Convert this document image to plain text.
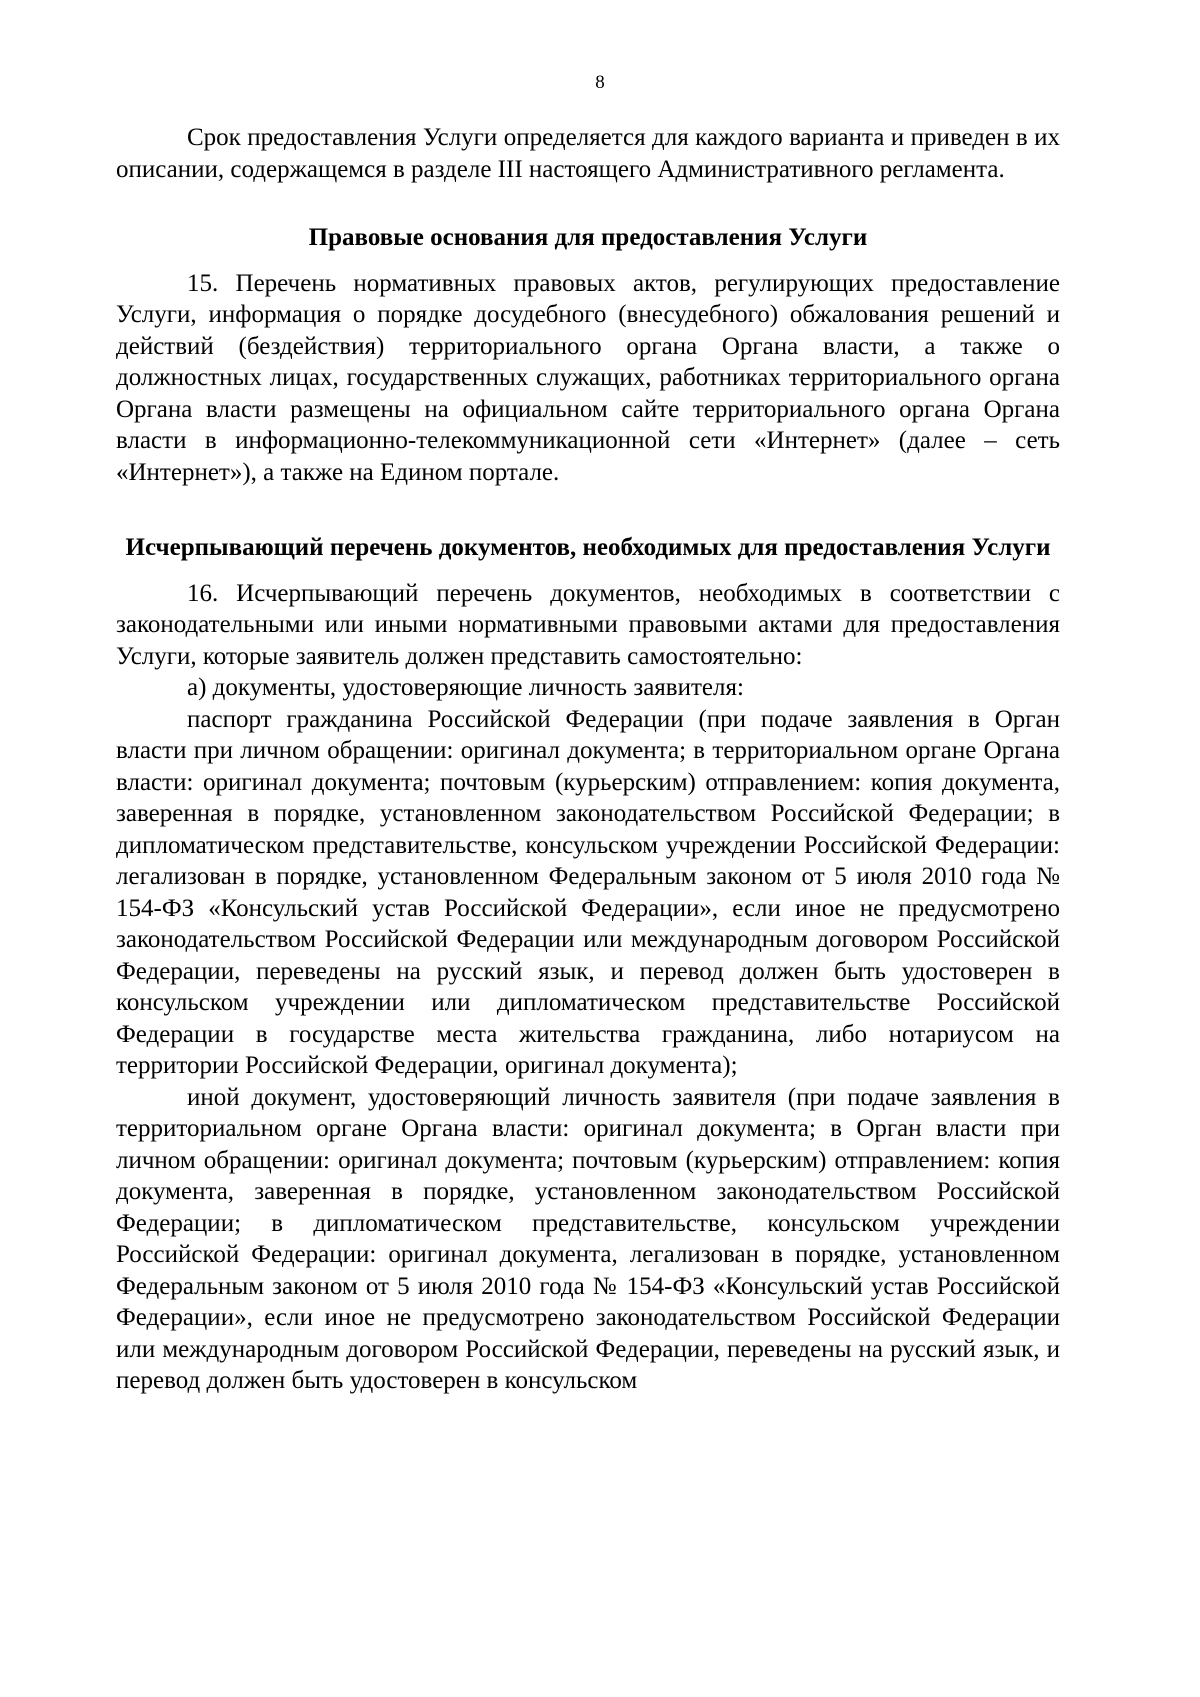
8

Срок предоставления Услуги определяется для каждого варианта и приведен в их описании, содержащемся в разделе III настоящего Административного регламента.

Правовые основания для предоставления Услуги

15. Перечень нормативных правовых актов, регулирующих предоставление Услуги, информация о порядке досудебного (внесудебного) обжалования решений и действий (бездействия) территориального органа Органа власти, а также о должностных лицах, государственных служащих, работниках территориального органа Органа власти размещены на официальном сайте территориального органа Органа власти в информационно-телекоммуникационной сети «Интернет» (далее – сеть «Интернет»), а также на Едином портале.

Исчерпывающий перечень документов, необходимых для предоставления Услуги

16. Исчерпывающий перечень документов, необходимых в соответствии с законодательными или иными нормативными правовыми актами для предоставления Услуги, которые заявитель должен представить самостоятельно:

а) документы, удостоверяющие личность заявителя:

паспорт гражданина Российской Федерации (при подаче заявления в Орган власти при личном обращении: оригинал документа; в территориальном органе Органа власти: оригинал документа; почтовым (курьерским) отправлением: копия документа, заверенная в порядке, установленном законодательством Российской Федерации; в дипломатическом представительстве, консульском учреждении Российской Федерации: легализован в порядке, установленном Федеральным законом от 5 июля 2010 года № 154-ФЗ «Консульский устав Российской Федерации», если иное не предусмотрено законодательством Российской Федерации или международным договором Российской Федерации, переведены на русский язык, и перевод должен быть удостоверен в консульском учреждении или дипломатическом представительстве Российской Федерации в государстве места жительства гражданина, либо нотариусом на территории Российской Федерации, оригинал документа);

иной документ, удостоверяющий личность заявителя (при подаче заявления в территориальном органе Органа власти: оригинал документа; в Орган власти при личном обращении: оригинал документа; почтовым (курьерским) отправлением: копия документа, заверенная в порядке, установленном законодательством Российской Федерации; в дипломатическом представительстве, консульском учреждении Российской Федерации: оригинал документа, легализован в порядке, установленном Федеральным законом от 5 июля 2010 года № 154-ФЗ «Консульский устав Российской Федерации», если иное не предусмотрено законодательством Российской Федерации или международным договором Российской Федерации, переведены на русский язык, и перевод должен быть удостоверен в консульском
